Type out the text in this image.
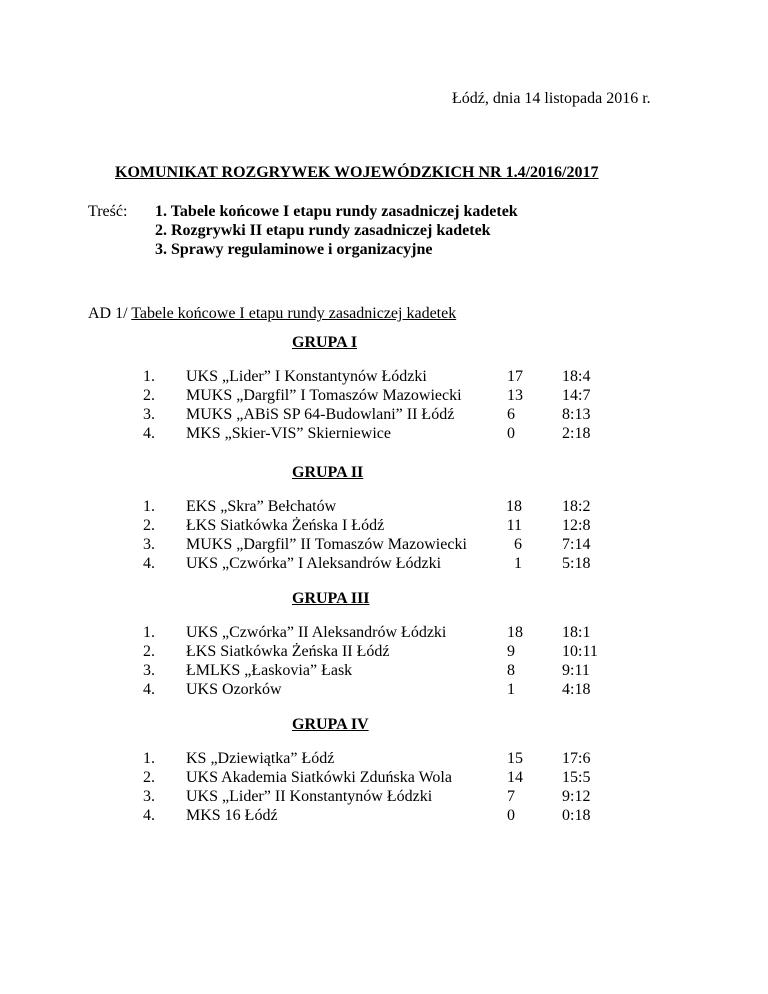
Łódź, dnia 14 listopada 2016 r.
KOMUNIKAT ROZGRYWEK WOJEWÓDZKICH NR 1.4/2016/2017
Treść: 1. Tabele końcowe I etapu rundy zasadniczej kadetek
2. Rozgrywki II etapu rundy zasadniczej kadetek
3. Sprawy regulaminowe i organizacyjne
AD 1/ Tabele końcowe I etapu rundy zasadniczej kadetek
GRUPA I
1. UKS „Lider” I Konstantynów Łódzki	17 18:4
2. MUKS „Dargfil” I Tomaszów Mazowiecki	13 14:7
3. MUKS „ABiS SP 64-Budowlani” II Łódź	6	8:13
4. MKS „Skier-VIS” Skierniewice	0	2:18
GRUPA II
1. EKS „Skra” Bełchatów	18	18:2
2. ŁKS Siatkówka Żeńska I Łódź	11	12:8
3. MUKS „Dargfil” II Tomaszów Mazowiecki	6	7:14
4. UKS „Czwórka” I Aleksandrów Łódzki	1	5:18
GRUPA III
1. UKS „Czwórka” II Aleksandrów Łódzki	18 18:1
2. ŁKS Siatkówka Żeńska II Łódź	9	10:11
3. ŁMLKS „Łaskovia” Łask	8	9:11
4. UKS Ozorków	1	4:18
GRUPA IV
1. KS „Dziewiątka” Łódź	15 17:6
2. UKS Akademia Siatkówki Zduńska Wola	14 15:5
3. UKS „Lider” II Konstantynów Łódzki	7	9:12
4. MKS 16 Łódź	0	0:18
